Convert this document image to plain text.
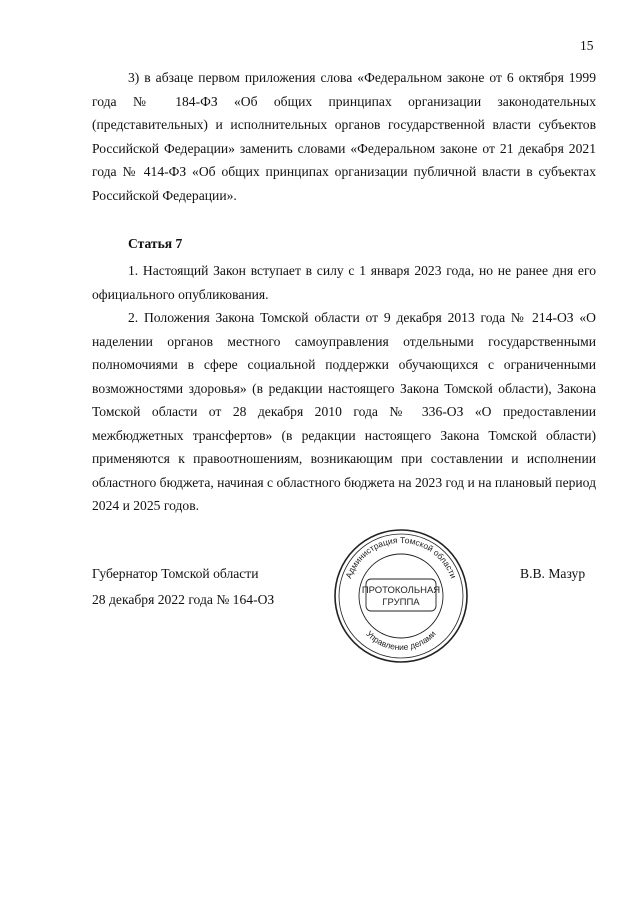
15
3) в абзаце первом приложения слова «Федеральном законе от 6 октября 1999 года № 184-ФЗ «Об общих принципах организации законодательных (представительных) и исполнительных органов государственной власти субъектов Российской Федерации» заменить словами «Федеральном законе от 21 декабря 2021 года № 414-ФЗ «Об общих принципах организации публичной власти в субъектах Российской Федерации».
Статья 7
1. Настоящий Закон вступает в силу с 1 января 2023 года, но не ранее дня его официального опубликования.
2. Положения Закона Томской области от 9 декабря 2013 года № 214-ОЗ «О наделении органов местного самоуправления отдельными государственными полномочиями в сфере социальной поддержки обучающихся с ограниченными возможностями здоровья» (в редакции настоящего Закона Томской области), Закона Томской области от 28 декабря 2010 года № 336-ОЗ «О предоставлении межбюджетных трансфертов» (в редакции настоящего Закона Томской области) применяются к правоотношениям, возникающим при составлении и исполнении областного бюджета, начиная с областного бюджета на 2023 год и на плановый период 2024 и 2025 годов.
Губернатор Томской области
28 декабря 2022 года № 164-ОЗ
В.В. Мазур
Администрация Томской области
Управление делами
ПРОТОКОЛЬНАЯ
ГРУППА
